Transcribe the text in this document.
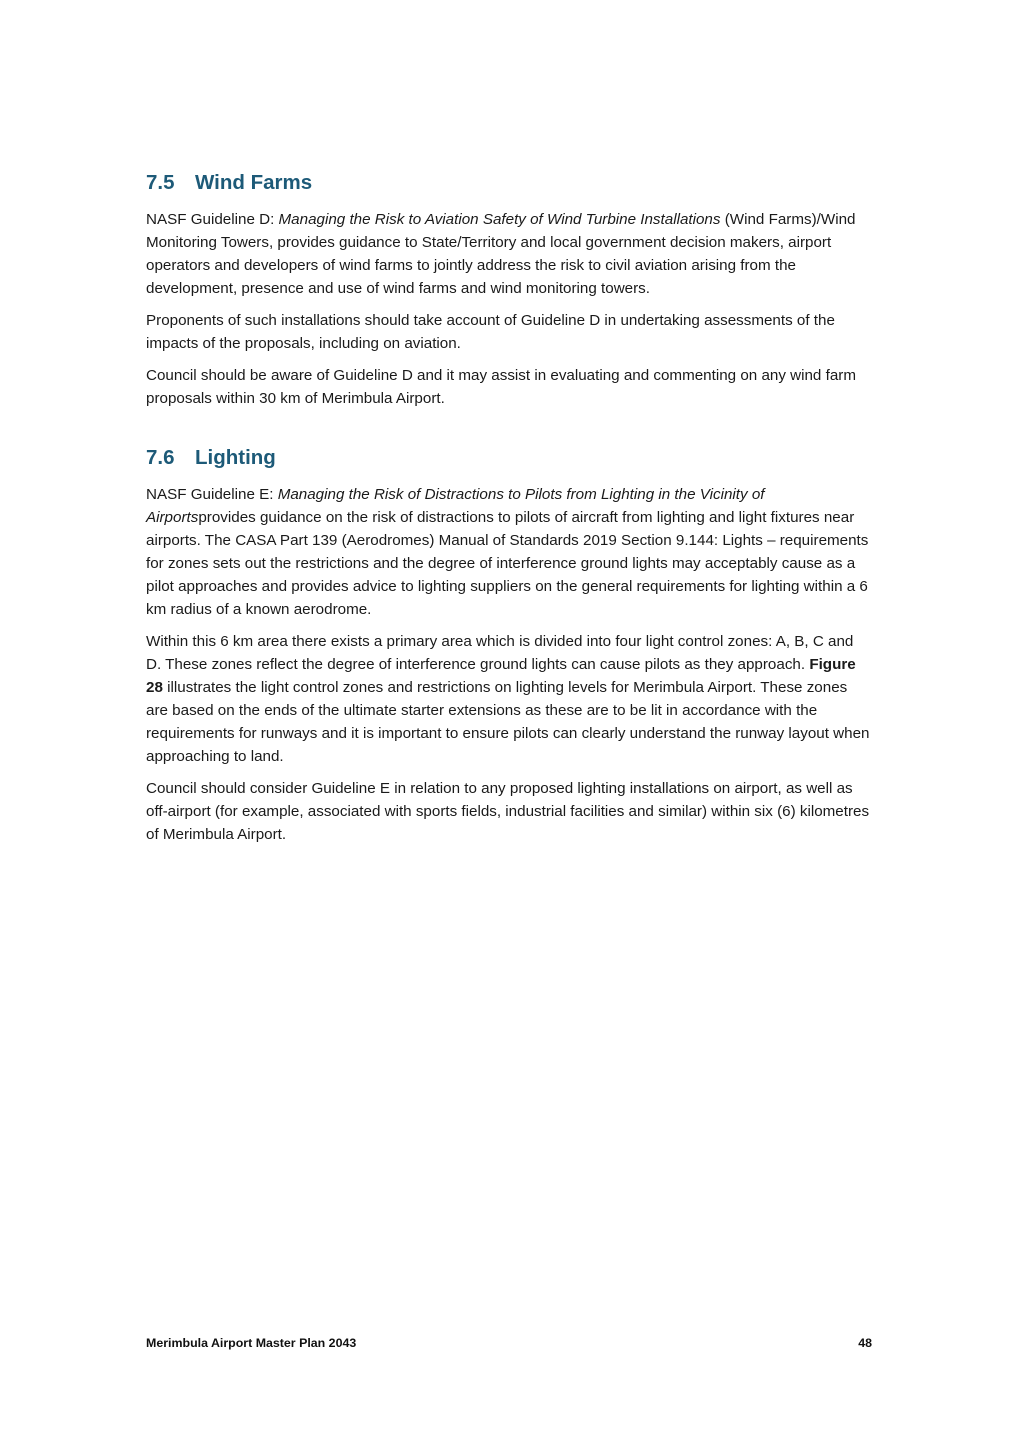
7.5 Wind Farms

NASF Guideline D: Managing the Risk to Aviation Safety of Wind Turbine Installations (Wind Farms)/Wind Monitoring Towers, provides guidance to State/Territory and local government decision makers, airport operators and developers of wind farms to jointly address the risk to civil aviation arising from the development, presence and use of wind farms and wind monitoring towers.

Proponents of such installations should take account of Guideline D in undertaking assessments of the impacts of the proposals, including on aviation.

Council should be aware of Guideline D and it may assist in evaluating and commenting on any wind farm proposals within 30 km of Merimbula Airport.

7.6 Lighting

NASF Guideline E: Managing the Risk of Distractions to Pilots from Lighting in the Vicinity of Airportsprovides guidance on the risk of distractions to pilots of aircraft from lighting and light fixtures near airports. The CASA Part 139 (Aerodromes) Manual of Standards 2019 Section 9.144: Lights – requirements for zones sets out the restrictions and the degree of interference ground lights may acceptably cause as a pilot approaches and provides advice to lighting suppliers on the general requirements for lighting within a 6 km radius of a known aerodrome.

Within this 6 km area there exists a primary area which is divided into four light control zones: A, B, C and D. These zones reflect the degree of interference ground lights can cause pilots as they approach. Figure 28 illustrates the light control zones and restrictions on lighting levels for Merimbula Airport. These zones are based on the ends of the ultimate starter extensions as these are to be lit in accordance with the requirements for runways and it is important to ensure pilots can clearly understand the runway layout when approaching to land.

Council should consider Guideline E in relation to any proposed lighting installations on airport, as well as off-airport (for example, associated with sports fields, industrial facilities and similar) within six (6) kilometres of Merimbula Airport.

Merimbula Airport Master Plan 2043	48
